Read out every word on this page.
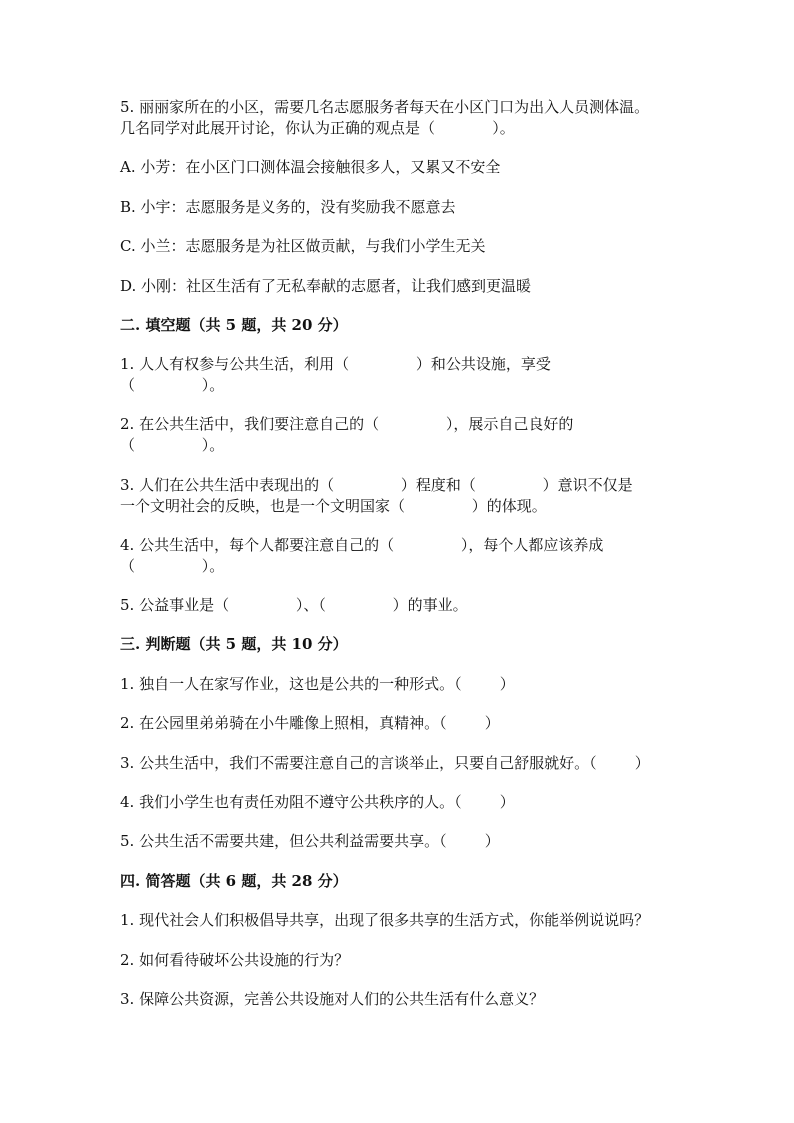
5. 丽丽家所在的小区，需要几名志愿服务者每天在小区门口为出入人员测体温。
几名同学对此展开讨论，你认为正确的观点是（            ）。
A. 小芳：在小区门口测体温会接触很多人，又累又不安全
B. 小宇：志愿服务是义务的，没有奖励我不愿意去
C. 小兰：志愿服务是为社区做贡献，与我们小学生无关
D. 小刚：社区生活有了无私奉献的志愿者，让我们感到更温暖
二. 填空题（共 5 题，共 20 分）
1. 人人有权参与公共生活，利用（              ）和公共设施，享受
（              ）。
2. 在公共生活中，我们要注意自己的（              ），展示自己良好的
（              ）。
3. 人们在公共生活中表现出的（              ）程度和（              ）意识不仅是
一个文明社会的反映，也是一个文明国家（              ）的体现。
4. 公共生活中，每个人都要注意自己的（              ），每个人都应该养成
（              ）。
5. 公益事业是（              ）、（              ）的事业。
三. 判断题（共 5 题，共 10 分）
1. 独自一人在家写作业，这也是公共的一种形式。（        ）
2. 在公园里弟弟骑在小牛雕像上照相，真精神。（        ）
3. 公共生活中，我们不需要注意自己的言谈举止，只要自己舒服就好。（        ）
4. 我们小学生也有责任劝阻不遵守公共秩序的人。（        ）
5. 公共生活不需要共建，但公共利益需要共享。（        ）
四. 简答题（共 6 题，共 28 分）
1. 现代社会人们积极倡导共享，出现了很多共享的生活方式，你能举例说说吗？
2. 如何看待破坏公共设施的行为？
3. 保障公共资源，完善公共设施对人们的公共生活有什么意义？
